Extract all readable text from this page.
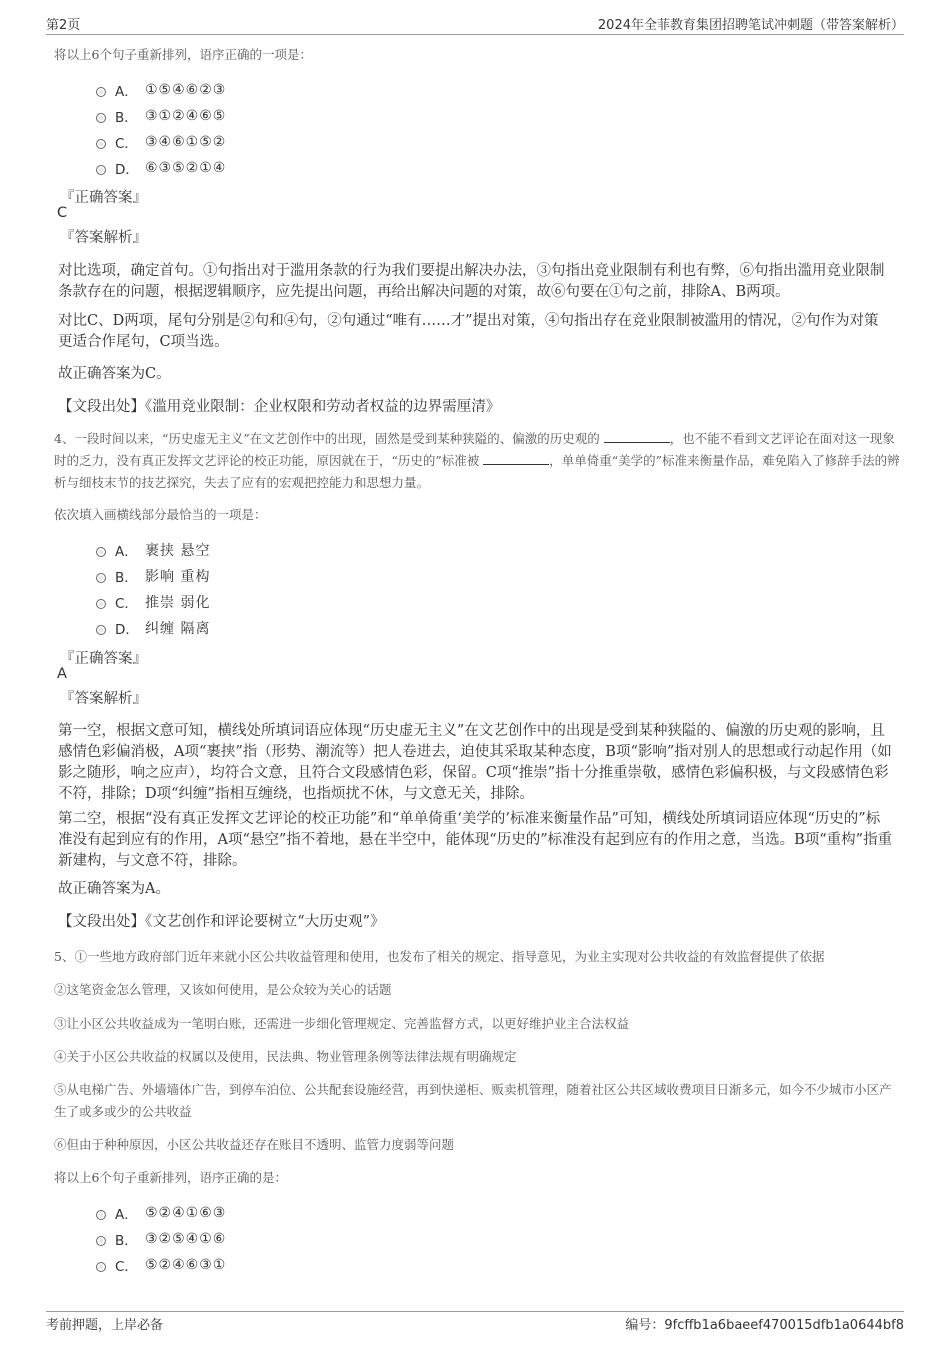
第2页	2024年全菲教育集团招聘笔试冲刺题（带答案解析）
将以上6个句子重新排列，语序正确的一项是：
A． ①⑤④⑥②③
B． ③①②④⑥⑤
C． ③④⑥①⑤②
D． ⑥③⑤②①④
『正确答案』
C
『答案解析』
对比选项，确定首句。①句指出对于滥用条款的行为我们要提出解决办法，③句指出竞业限制有利也有弊，⑥句指出滥用竞业限制条款存在的问题，根据逻辑顺序，应先提出问题，再给出解决问题的对策，故⑥句要在①句之前，排除A、B两项。
对比C、D两项，尾句分别是②句和④句，②句通过“唯有……才”提出对策，④句指出存在竞业限制被滥用的情况，②句作为对策更适合作尾句，C项当选。
故正确答案为C。
【文段出处】《滥用竞业限制：企业权限和劳动者权益的边界需厘清》
4、一段时间以来，“历史虚无主义”在文艺创作中的出现，固然是受到某种狭隘的、偏激的历史观的	，也不能不看到文艺评论在面对这一现象时的乏力，没有真正发挥文艺评论的校正功能，原因就在于，“历史的”标准被	，单单倚重“美学的”标准来衡量作品，难免陷入了修辞手法的辨析与细枝末节的技艺探究，失去了应有的宏观把控能力和思想力量。
依次填入画横线部分最恰当的一项是：
A． 裹挟 悬空
B． 影响 重构
C． 推崇 弱化
D． 纠缠 隔离
『正确答案』
A
『答案解析』
第一空，根据文意可知，横线处所填词语应体现“历史虚无主义”在文艺创作中的出现是受到某种狭隘的、偏激的历史观的影响，且感情色彩偏消极，A项“裹挟”指（形势、潮流等）把人卷进去，迫使其采取某种态度，B项“影响”指对别人的思想或行动起作用（如影之随形，响之应声），均符合文意，且符合文段感情色彩，保留。C项“推崇”指十分推重崇敬，感情色彩偏积极，与文段感情色彩不符，排除；D项“纠缠”指相互缠绕，也指烦扰不休，与文意无关，排除。
第二空，根据“没有真正发挥文艺评论的校正功能”和“单单倚重‘美学的’标准来衡量作品”可知，横线处所填词语应体现“历史的”标准没有起到应有的作用，A项“悬空”指不着地，悬在半空中，能体现“历史的”标准没有起到应有的作用之意，当选。B项“重构”指重新建构，与文意不符，排除。
故正确答案为A。
【文段出处】《文艺创作和评论要树立“大历史观”》
5、①一些地方政府部门近年来就小区公共收益管理和使用，也发布了相关的规定、指导意见，为业主实现对公共收益的有效监督提供了依据
②这笔资金怎么管理，又该如何使用，是公众较为关心的话题
③让小区公共收益成为一笔明白账，还需进一步细化管理规定、完善监督方式，以更好维护业主合法权益
④关于小区公共收益的权属以及使用，民法典、物业管理条例等法律法规有明确规定
⑤从电梯广告、外墙墙体广告，到停车泊位、公共配套设施经营，再到快递柜、贩卖机管理，随着社区公共区域收费项目日渐多元，如今不少城市小区产生了或多或少的公共收益
⑥但由于种种原因，小区公共收益还存在账目不透明、监管力度弱等问题
将以上6个句子重新排列，语序正确的是：
A． ⑤②④①⑥③
B． ③②⑤④①⑥
C． ⑤②④⑥③①
考前押题，上岸必备	编号：9fcffb1a6baeef470015dfb1a0644bf8
